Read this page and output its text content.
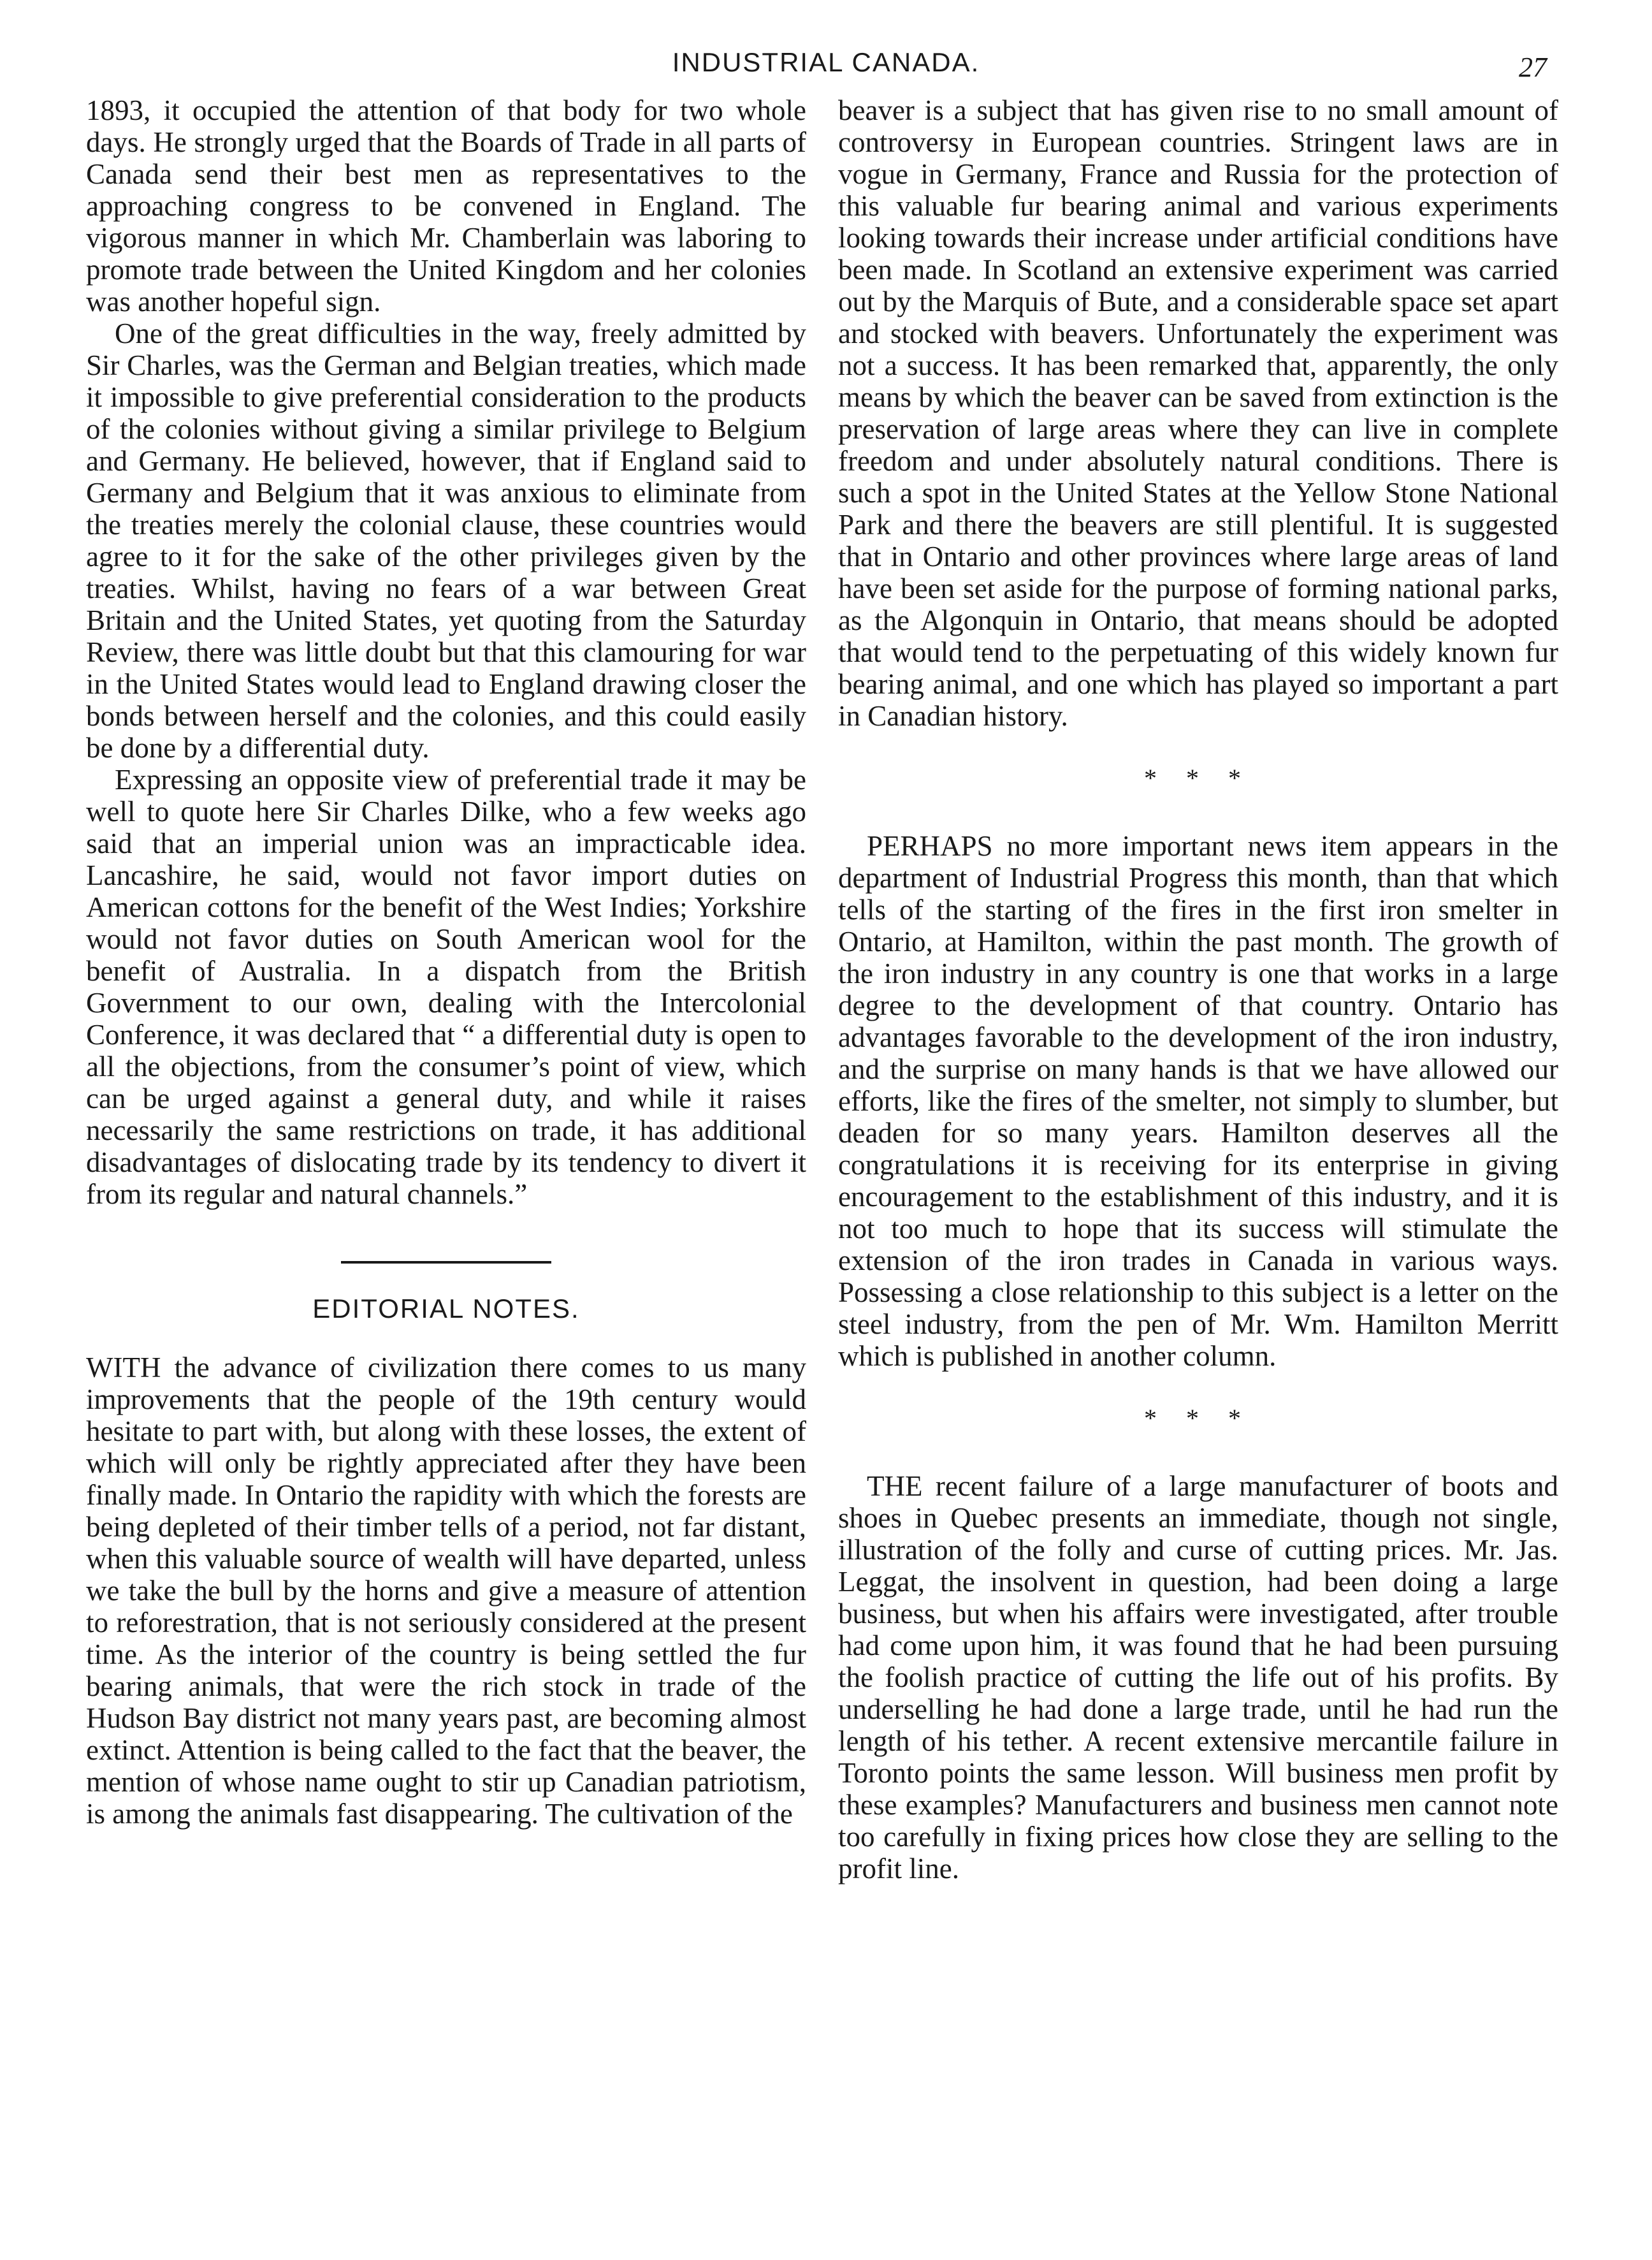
INDUSTRIAL CANADA.	27

1893, it occupied the attention of that body for two whole days. He strongly urged that the Boards of Trade in all parts of Canada send their best men as representatives to the approaching congress to be convened in England. The vigorous manner in which Mr. Chamberlain was laboring to promote trade between the United Kingdom and her colonies was another hopeful sign.

One of the great difficulties in the way, freely admitted by Sir Charles, was the German and Belgian treaties, which made it impossible to give preferential consideration to the products of the colonies without giving a similar privilege to Belgium and Germany. He believed, however, that if England said to Germany and Belgium that it was anxious to eliminate from the treaties merely the colonial clause, these countries would agree to it for the sake of the other privileges given by the treaties. Whilst, having no fears of a war between Great Britain and the United States, yet quoting from the Saturday Review, there was little doubt but that this clamouring for war in the United States would lead to England drawing closer the bonds between herself and the colonies, and this could easily be done by a differential duty.

Expressing an opposite view of preferential trade it may be well to quote here Sir Charles Dilke, who a few weeks ago said that an imperial union was an impracticable idea. Lancashire, he said, would not favor import duties on American cottons for the benefit of the West Indies; Yorkshire would not favor duties on South American wool for the benefit of Australia. In a dispatch from the British Government to our own, dealing with the Intercolonial Conference, it was declared that “ a differential duty is open to all the objections, from the consumer’s point of view, which can be urged against a general duty, and while it raises necessarily the same restrictions on trade, it has additional disadvantages of dislocating trade by its tendency to divert it from its regular and natural channels.”

EDITORIAL NOTES.

WITH the advance of civilization there comes to us many improvements that the people of the 19th century would hesitate to part with, but along with these losses, the extent of which will only be rightly appreciated after they have been finally made. In Ontario the rapidity with which the forests are being depleted of their timber tells of a period, not far distant, when this valuable source of wealth will have departed, unless we take the bull by the horns and give a measure of attention to reforestration, that is not seriously considered at the present time. As the interior of the country is being settled the fur bearing animals, that were the rich stock in trade of the Hudson Bay district not many years past, are becoming almost extinct. Attention is being called to the fact that the beaver, the mention of whose name ought to stir up Canadian patriotism, is among the animals fast disappearing. The cultivation of the

beaver is a subject that has given rise to no small amount of controversy in European countries. Stringent laws are in vogue in Germany, France and Russia for the protection of this valuable fur bearing animal and various experiments looking towards their increase under artificial conditions have been made. In Scotland an extensive experiment was carried out by the Marquis of Bute, and a considerable space set apart and stocked with beavers. Unfortunately the experiment was not a success. It has been remarked that, apparently, the only means by which the beaver can be saved from extinction is the preservation of large areas where they can live in complete freedom and under absolutely natural conditions. There is such a spot in the United States at the Yellow Stone National Park and there the beavers are still plentiful. It is suggested that in Ontario and other provinces where large areas of land have been set aside for the purpose of forming national parks, as the Algonquin in Ontario, that means should be adopted that would tend to the perpetuating of this widely known fur bearing animal, and one which has played so important a part in Canadian history.

* * *

PERHAPS no more important news item appears in the department of Industrial Progress this month, than that which tells of the starting of the fires in the first iron smelter in Ontario, at Hamilton, within the past month. The growth of the iron industry in any country is one that works in a large degree to the development of that country. Ontario has advantages favorable to the development of the iron industry, and the surprise on many hands is that we have allowed our efforts, like the fires of the smelter, not simply to slumber, but deaden for so many years. Hamilton deserves all the congratulations it is receiving for its enterprise in giving encouragement to the establishment of this industry, and it is not too much to hope that its success will stimulate the extension of the iron trades in Canada in various ways. Possessing a close relationship to this subject is a letter on the steel industry, from the pen of Mr. Wm. Hamilton Merritt which is published in another column.

* * *

THE recent failure of a large manufacturer of boots and shoes in Quebec presents an immediate, though not single, illustration of the folly and curse of cutting prices. Mr. Jas. Leggat, the insolvent in question, had been doing a large business, but when his affairs were investigated, after trouble had come upon him, it was found that he had been pursuing the foolish practice of cutting the life out of his profits. By underselling he had done a large trade, until he had run the length of his tether. A recent extensive mercantile failure in Toronto points the same lesson. Will business men profit by these examples? Manufacturers and business men cannot note too carefully in fixing prices how close they are selling to the profit line.
